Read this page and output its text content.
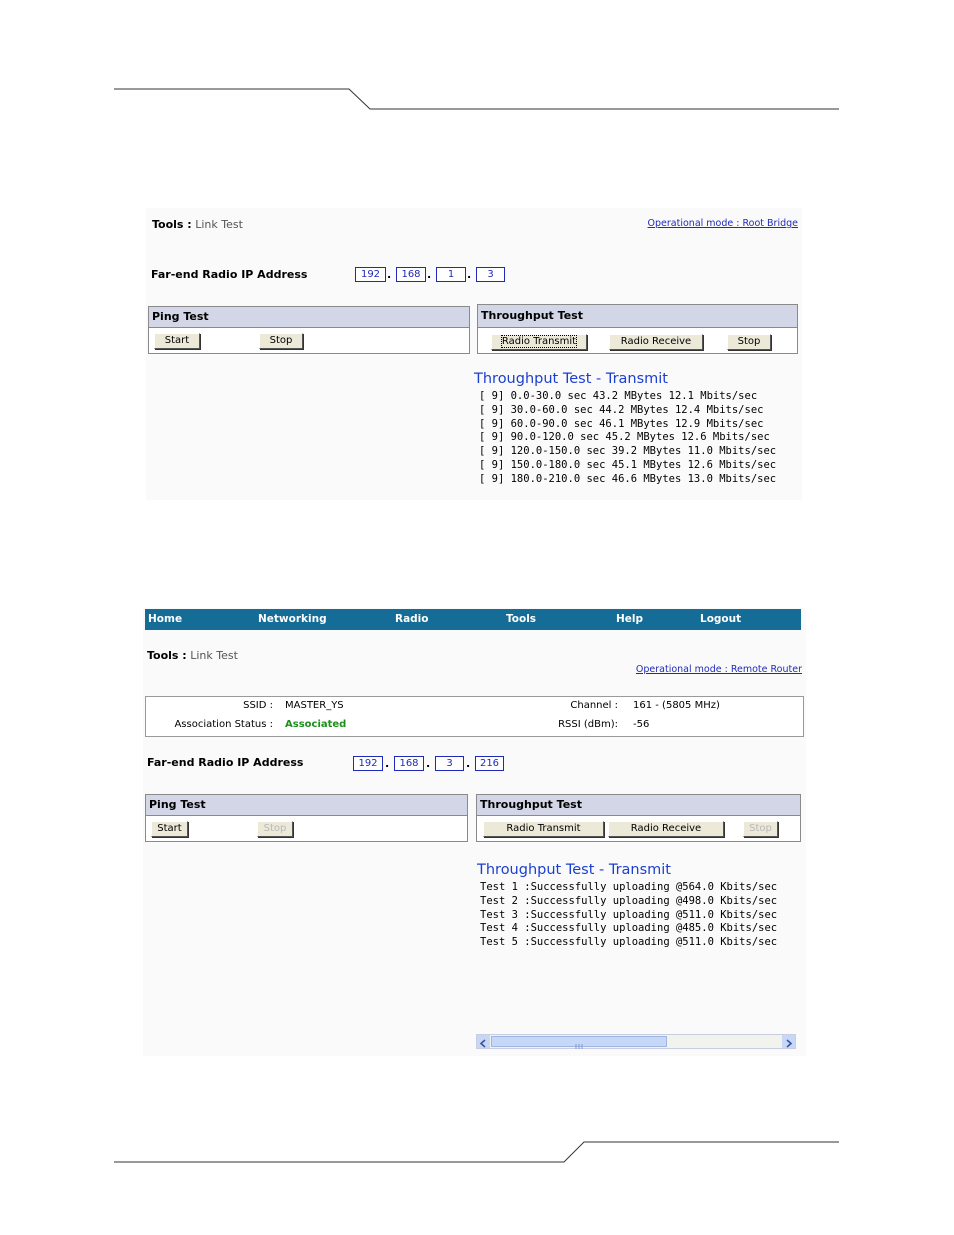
Tools : Link Test	Operational mode : Root Bridge
Far-end Radio IP Address	192 .	168 .	1	.	3
Ping Test
Start	Stop
Throughput Test
Radio Transmit	Radio Receive	Stop
Throughput Test - Transmit
[ 9] 0.0-30.0 sec 43.2 MBytes 12.1 Mbits/sec
[ 9] 30.0-60.0 sec 44.2 MBytes 12.4 Mbits/sec
[ 9] 60.0-90.0 sec 46.1 MBytes 12.9 Mbits/sec
[ 9] 90.0-120.0 sec 45.2 MBytes 12.6 Mbits/sec
[ 9] 120.0-150.0 sec 39.2 MBytes 11.0 Mbits/sec
[ 9] 150.0-180.0 sec 45.1 MBytes 12.6 Mbits/sec
[ 9] 180.0-210.0 sec 46.6 MBytes 13.0 Mbits/sec
Home	Networking	Radio	Tools	Help	Logout
Tools : Link Test
Operational mode : Remote Router
SSID : MASTER_YS
Association Status : Associated
Channel : 161 - (5805 MHz)
RSSI (dBm): -56
Far-end Radio IP Address	192 .	168 .	3	. 216
Ping Test
Start	Stop
Throughput Test
Radio Transmit	Radio Receive	Stop
Throughput Test - Transmit
Test 1 :Successfully uploading @564.0 Kbits/sec
Test 2 :Successfully uploading @498.0 Kbits/sec
Test 3 :Successfully uploading @511.0 Kbits/sec
Test 4 :Successfully uploading @485.0 Kbits/sec
Test 5 :Successfully uploading @511.0 Kbits/sec
